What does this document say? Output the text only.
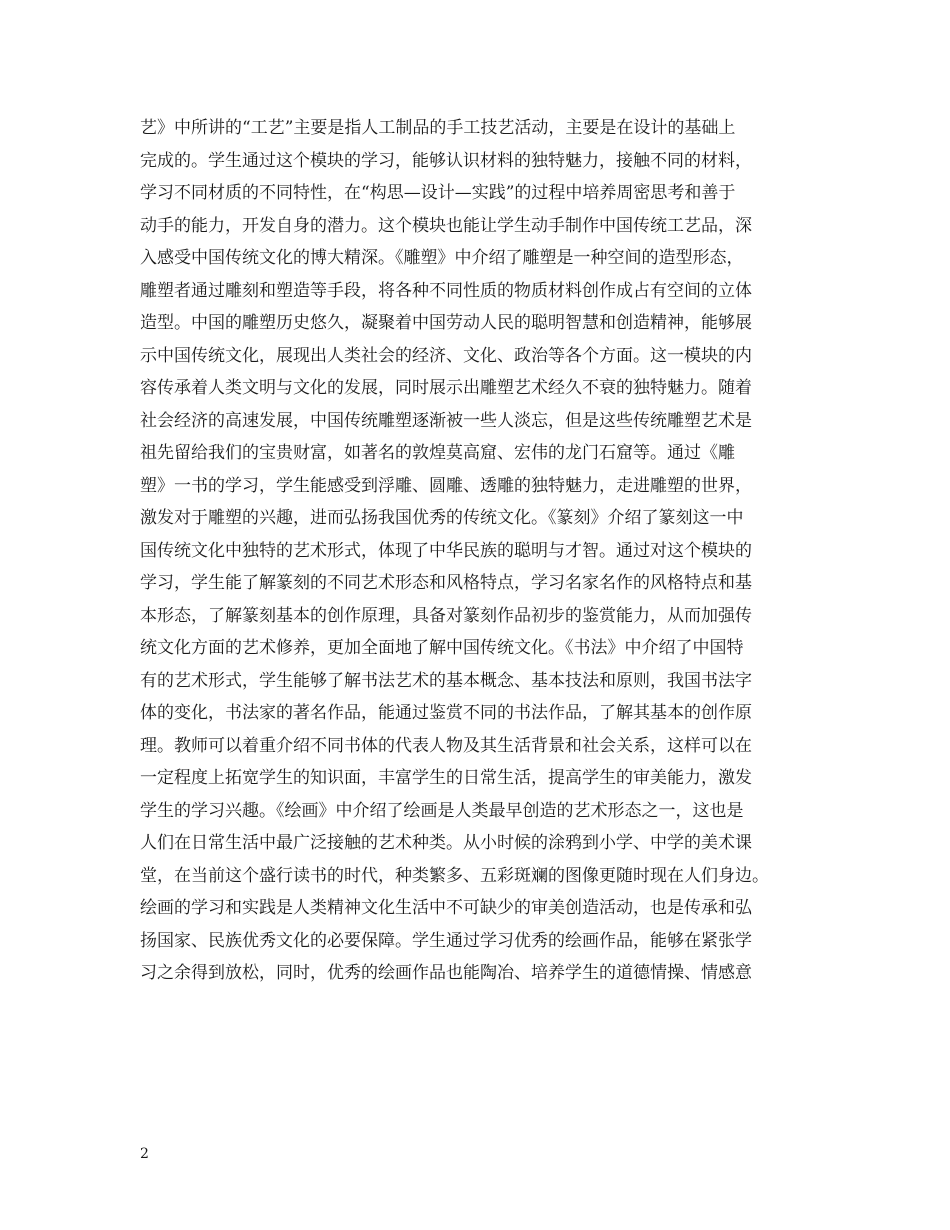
艺》中所讲的“工艺”主要是指人工制品的手工技艺活动，主要是在设计的基础上
完成的。学生通过这个模块的学习，能够认识材料的独特魅力，接触不同的材料，
学习不同材质的不同特性，在“构思—设计—实践”的过程中培养周密思考和善于
动手的能力，开发自身的潜力。这个模块也能让学生动手制作中国传统工艺品，深
入感受中国传统文化的博大精深。《雕塑》中介绍了雕塑是一种空间的造型形态，
雕塑者通过雕刻和塑造等手段，将各种不同性质的物质材料创作成占有空间的立体
造型。中国的雕塑历史悠久，凝聚着中国劳动人民的聪明智慧和创造精神，能够展
示中国传统文化，展现出人类社会的经济、文化、政治等各个方面。这一模块的内
容传承着人类文明与文化的发展，同时展示出雕塑艺术经久不衰的独特魅力。随着
社会经济的高速发展，中国传统雕塑逐渐被一些人淡忘，但是这些传统雕塑艺术是
祖先留给我们的宝贵财富，如著名的敦煌莫高窟、宏伟的龙门石窟等。通过《雕
塑》一书的学习，学生能感受到浮雕、圆雕、透雕的独特魅力，走进雕塑的世界，
激发对于雕塑的兴趣，进而弘扬我国优秀的传统文化。《篆刻》介绍了篆刻这一中
国传统文化中独特的艺术形式，体现了中华民族的聪明与才智。通过对这个模块的
学习，学生能了解篆刻的不同艺术形态和风格特点，学习名家名作的风格特点和基
本形态，了解篆刻基本的创作原理，具备对篆刻作品初步的鉴赏能力，从而加强传
统文化方面的艺术修养，更加全面地了解中国传统文化。《书法》中介绍了中国特
有的艺术形式，学生能够了解书法艺术的基本概念、基本技法和原则，我国书法字
体的变化，书法家的著名作品，能通过鉴赏不同的书法作品，了解其基本的创作原
理。教师可以着重介绍不同书体的代表人物及其生活背景和社会关系，这样可以在
一定程度上拓宽学生的知识面，丰富学生的日常生活，提高学生的审美能力，激发
学生的学习兴趣。《绘画》中介绍了绘画是人类最早创造的艺术形态之一，这也是
人们在日常生活中最广泛接触的艺术种类。从小时候的涂鸦到小学、中学的美术课
堂，在当前这个盛行读书的时代，种类繁多、五彩斑斓的图像更随时现在人们身边。
绘画的学习和实践是人类精神文化生活中不可缺少的审美创造活动，也是传承和弘
扬国家、民族优秀文化的必要保障。学生通过学习优秀的绘画作品，能够在紧张学
习之余得到放松，同时，优秀的绘画作品也能陶冶、培养学生的道德情操、情感意
2
